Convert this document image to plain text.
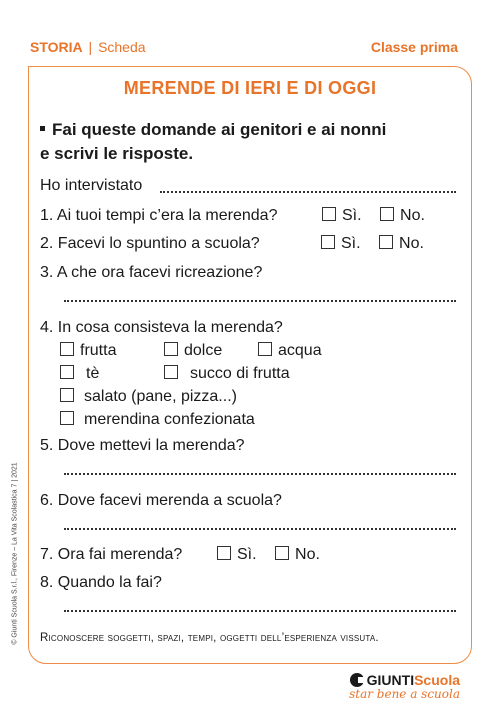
STORIA | Scheda	Classe prima
MERENDE DI IERI E DI OGGI
Fai queste domande ai genitori e ai nonni
e scrivi le risposte.
Ho intervistato
1. Ai tuoi tempi c’era la merenda?	Sì. No.
2. Facevi lo spuntino a scuola?	Sì. No.
3. A che ora facevi ricreazione?
4. In cosa consisteva la merenda?
frutta	dolce	acqua
tè	succo di frutta
salato (pane, pizza...)
merendina confezionata
5. Dove mettevi la merenda?
6. Dove facevi merenda a scuola?
7. Ora fai merenda?	Sì. No.
8. Quando la fai?
Riconoscere soggetti, spazi, tempi, oggetti dell’esperienza vissuta.
© Giunti Scuola S.r.l., Firenze – La Vita Scolastica 7 | 2021
GIUNTIScuola
star bene a scuola
